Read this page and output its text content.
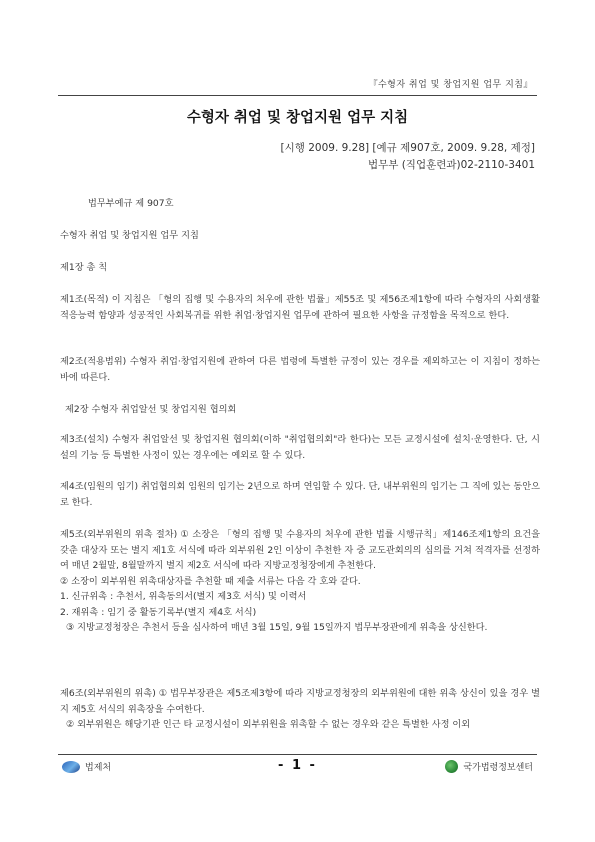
『수형자 취업 및 창업지원 업무 지침』
수형자 취업 및 창업지원 업무 지침
[시행 2009. 9.28] [예규 제907호, 2009. 9.28, 제정]
법무부 (직업훈련과)02-2110-3401
법무부예규 제 907호
수형자 취업 및 창업지원 업무 지침
제1장 총 칙
제1조(목적) 이 지침은 「형의 집행 및 수용자의 처우에 관한 법률」제55조 및 제56조제1항에 따라 수형자의 사회생활 적응능력 함양과 성공적인 사회복귀를 위한 취업·창업지원 업무에 관하여 필요한 사항을 규정함을 목적으로 한다.
제2조(적용범위) 수형자 취업·창업지원에 관하여 다른 법령에 특별한 규정이 있는 경우를 제외하고는 이 지침이 정하는 바에 따른다.
제2장 수형자 취업알선 및 창업지원 협의회
제3조(설치) 수형자 취업알선 및 창업지원 협의회(이하 "취업협의회"라 한다)는 모든 교정시설에 설치·운영한다. 단, 시설의 기능 등 특별한 사정이 있는 경우에는 예외로 할 수 있다.
제4조(임원의 임기) 취업협의회 임원의 임기는 2년으로 하며 연임할 수 있다. 단, 내부위원의 임기는 그 직에 있는 동안으로 한다.

제5조(외부위원의 위촉 절차) ① 소장은 「형의 집행 및 수용자의 처우에 관한 법률 시행규칙」제146조제1항의 요건을 갖춘 대상자 또는 별지 제1호 서식에 따라 외부위원 2인 이상이 추천한 자 중 교도관회의의 심의를 거쳐 적격자를 선정하여 매년 2월말, 8월말까지 별지 제2호 서식에 따라 지방교정청장에게 추천한다.

② 소장이 외부위원 위촉대상자를 추천할 때 제출 서류는 다음 각 호와 같다.

1. 신규위촉 : 추천서, 위촉동의서(별지 제3호 서식) 및 이력서

2. 재위촉 : 임기 중 활동기록부(별지 제4호 서식)

③ 지방교정청장은 추천서 등을 심사하여 매년 3월 15일, 9월 15일까지 법무부장관에게 위촉을 상신한다.

제6조(외부위원의 위촉) ① 법무부장관은 제5조제3항에 따라 지방교정청장의 외부위원에 대한 위촉 상신이 있을 경우 별지 제5호 서식의 위촉장을 수여한다.

② 외부위원은 해당기관 인근 타 교정시설이 외부위원을 위촉할 수 없는 경우와 같은 특별한 사정 이외

법제처	- 1 -	국가법령정보센터
